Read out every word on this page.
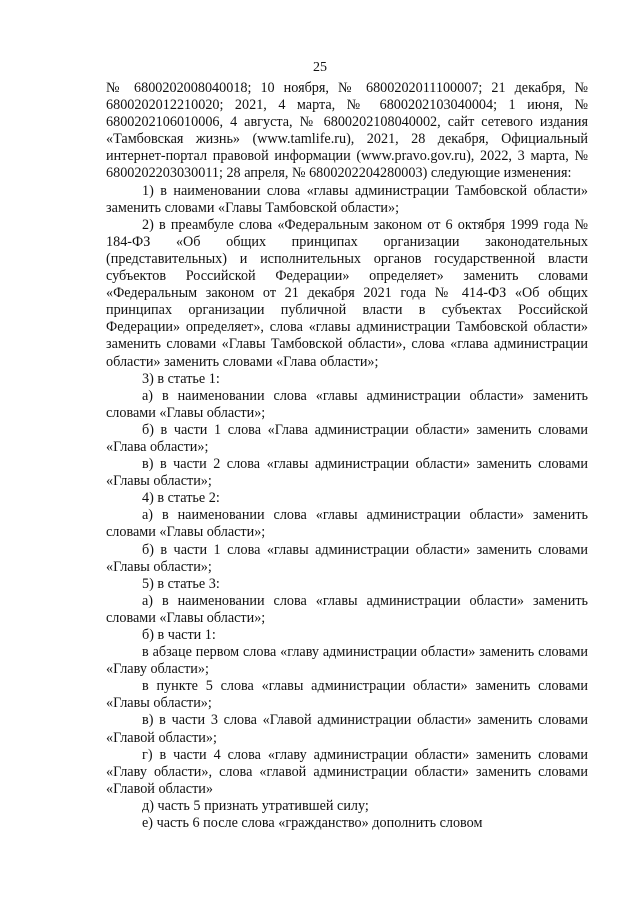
25

№ 6800202008040018; 10 ноября, № 6800202011100007; 21 декабря, № 6800202012210020; 2021, 4 марта, № 6800202103040004; 1 июня, № 6800202106010006, 4 августа, № 6800202108040002, сайт сетевого издания «Тамбовская жизнь» (www.tamlife.ru), 2021, 28 декабря, Официальный интернет-портал правовой информации (www.pravo.gov.ru), 2022, 3 марта, № 6800202203030011; 28 апреля, № 6800202204280003) следующие изменения:

1) в наименовании слова «главы администрации Тамбовской области» заменить словами «Главы Тамбовской области»;

2) в преамбуле слова «Федеральным законом от 6 октября 1999 года № 184-ФЗ «Об общих принципах организации законодательных (представительных) и исполнительных органов государственной власти субъектов Российской Федерации» определяет» заменить словами «Федеральным законом от 21 декабря 2021 года № 414-ФЗ «Об общих принципах организации публичной власти в субъектах Российской Федерации» определяет», слова «главы администрации Тамбовской области» заменить словами «Главы Тамбовской области», слова «глава администрации области» заменить словами «Глава области»;

3) в статье 1:

а) в наименовании слова «главы администрации области» заменить словами «Главы области»;

б) в части 1 слова «Глава администрации области» заменить словами «Глава области»;

в) в части 2 слова «главы администрации области» заменить словами «Главы области»;

4) в статье 2:

а) в наименовании слова «главы администрации области» заменить словами «Главы области»;

б) в части 1 слова «главы администрации области» заменить словами «Главы области»;

5) в статье 3:

а) в наименовании слова «главы администрации области» заменить словами «Главы области»;

б) в части 1:

в абзаце первом слова «главу администрации области» заменить словами «Главу области»;

в пункте 5 слова «главы администрации области» заменить словами «Главы области»;

в) в части 3 слова «Главой администрации области» заменить словами «Главой области»;

г) в части 4 слова «главу администрации области» заменить словами «Главу области», слова «главой администрации области» заменить словами «Главой области»

д) часть 5 признать утратившей силу;

е) часть 6 после слова «гражданство» дополнить словом
